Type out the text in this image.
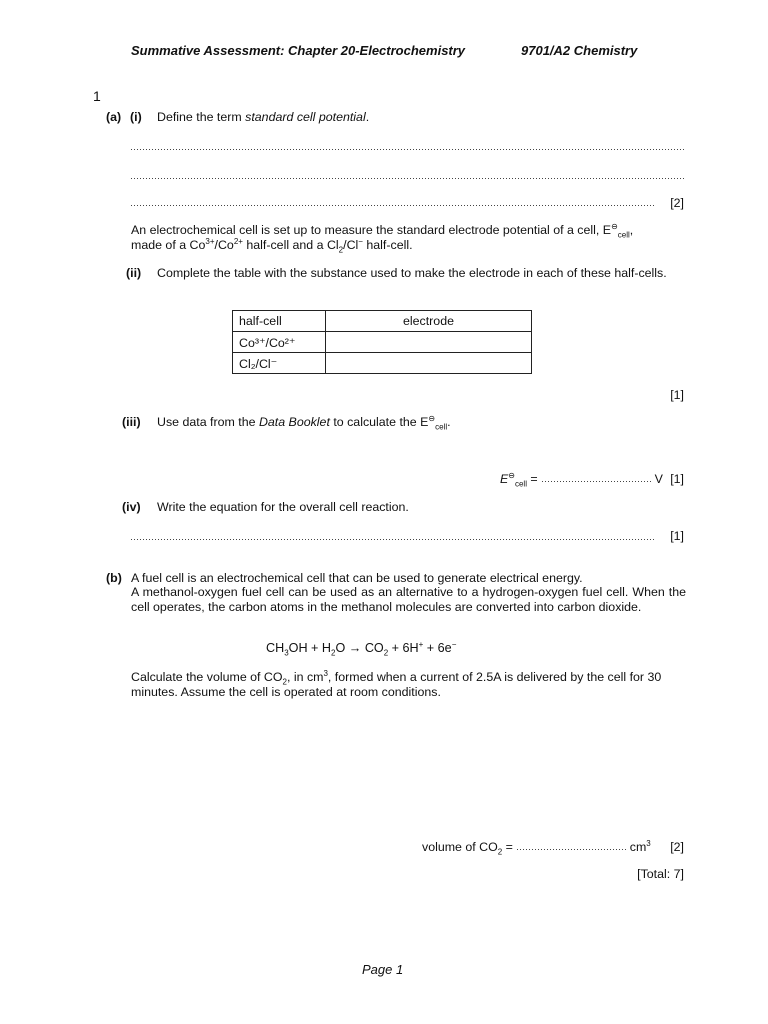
Summative Assessment: Chapter 20-Electrochemistry	9701/A2 Chemistry
1
(a) (i) Define the term standard cell potential.
[2]
An electrochemical cell is set up to measure the standard electrode potential of a cell, $E^⊖_{cell}$,
made of a $Co^{3+}/Co^{2+}$ half-cell and a $Cl_2/Cl^-$ half-cell.
(ii) Complete the table with the substance used to make the electrode in each of these half-cells.
half-cell	electrode
Co³⁺/Co²⁺	
Cl₂/Cl⁻	
[1]
(iii) Use data from the Data Booklet to calculate the $E^⊖_{cell}$.
$E^⊖_{cell}$ =	V [1]
(iv) Write the equation for the overall cell reaction.
[1]
(b) A fuel cell is an electrochemical cell that can be used to generate electrical energy.
A methanol-oxygen fuel cell can be used as an alternative to a hydrogen-oxygen fuel cell. When the cell operates, the carbon atoms in the methanol molecules are converted into carbon dioxide.
$CH_3OH + H_2O \to CO_2 + 6H^+ + 6e^-$
Calculate the volume of $CO_2$, in $cm^3$, formed when a current of 2.5A is delivered by the cell for 30 minutes. Assume the cell is operated at room conditions.
volume of $CO_2$ =	$cm^3$ [2]
[Total: 7]
Page 1
